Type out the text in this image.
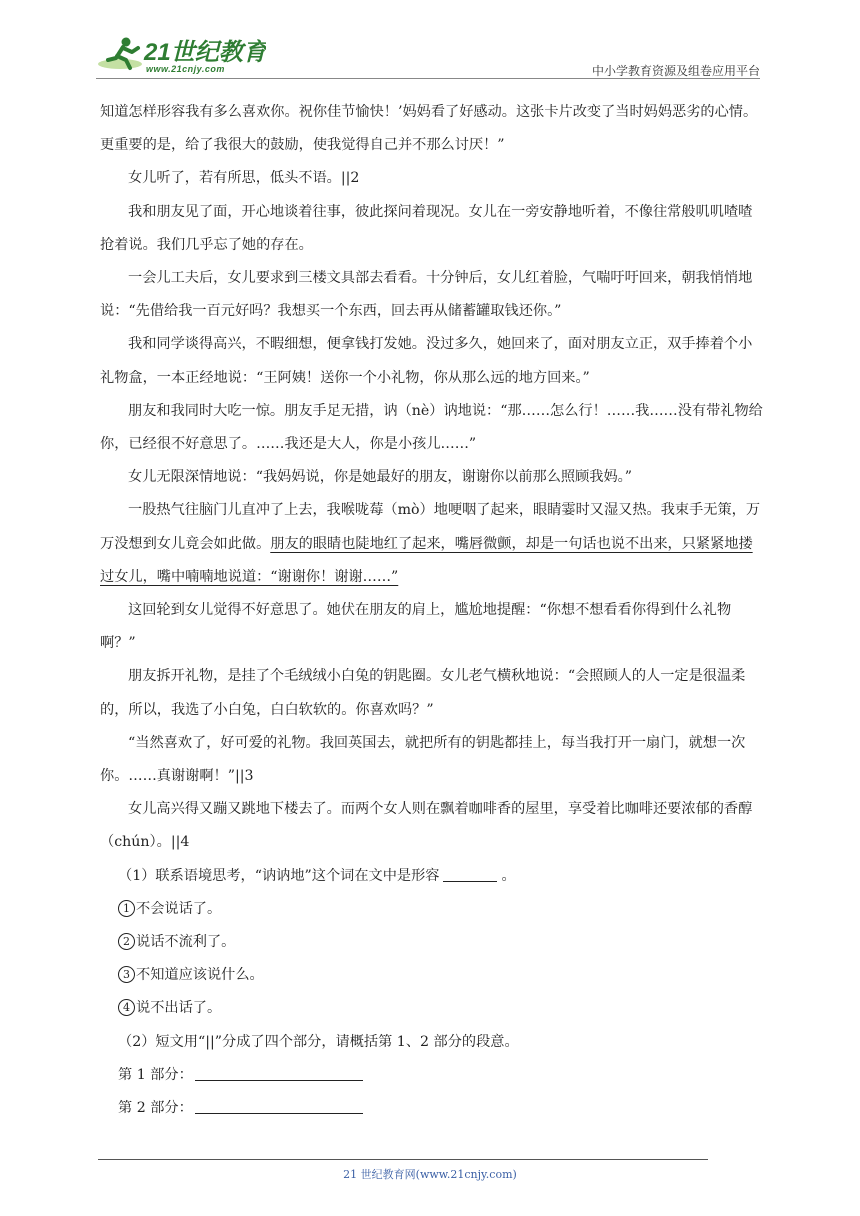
21世纪教育
www.21cnjy.com	中小学教育资源及组卷应用平台

知道怎样形容我有多么喜欢你。祝你佳节愉快！’妈妈看了好感动。这张卡片改变了当时妈妈恶劣的心情。更重要的是，给了我很大的鼓励，使我觉得自己并不那么讨厌！”

女儿听了，若有所思，低头不语。||2

我和朋友见了面，开心地谈着往事，彼此探问着现况。女儿在一旁安静地听着，不像往常般叽叽喳喳抢着说。我们几乎忘了她的存在。

一会儿工夫后，女儿要求到三楼文具部去看看。十分钟后，女儿红着脸，气喘吁吁回来，朝我悄悄地说：“先借给我一百元好吗？我想买一个东西，回去再从储蓄罐取钱还你。”

我和同学谈得高兴，不暇细想，便拿钱打发她。没过多久，她回来了，面对朋友立正，双手捧着个小礼物盒，一本正经地说：“王阿姨！送你一个小礼物，你从那么远的地方回来。”

朋友和我同时大吃一惊。朋友手足无措，讷（nè）讷地说：“那……怎么行！……我……没有带礼物给你，已经很不好意思了。……我还是大人，你是小孩儿……”

女儿无限深情地说：“我妈妈说，你是她最好的朋友，谢谢你以前那么照顾我妈。”

一股热气往脑门儿直冲了上去，我喉咙莓（mò）地哽咽了起来，眼睛霎时又湿又热。我束手无策，万万没想到女儿竟会如此做。朋友的眼睛也陡地红了起来，嘴唇微颤，却是一句话也说不出来，只紧紧地搂过女儿，嘴中喃喃地说道：“谢谢你！谢谢……”

这回轮到女儿觉得不好意思了。她伏在朋友的肩上，尴尬地提醒：“你想不想看看你得到什么礼物啊？”

朋友拆开礼物，是挂了个毛绒绒小白兔的钥匙圈。女儿老气横秋地说：“会照顾人的人一定是很温柔的，所以，我选了小白兔，白白软软的。你喜欢吗？”

“当然喜欢了，好可爱的礼物。我回英国去，就把所有的钥匙都挂上，每当我打开一扇门，就想一次你。……真谢谢啊！”||3

女儿高兴得又蹦又跳地下楼去了。而两个女人则在飘着咖啡香的屋里，享受着比咖啡还要浓郁的香醇（chún）。||4

（1）联系语境思考，“讷讷地”这个词在文中是形容	。

1 不会说话了。

2 说话不流利了。

3 不知道应该说什么。

4 说不出话了。

（2）短文用“||”分成了四个部分，请概括第 1、2 部分的段意。

第 1 部分：

第 2 部分：

21 世纪教育网(www.21cnjy.com)
